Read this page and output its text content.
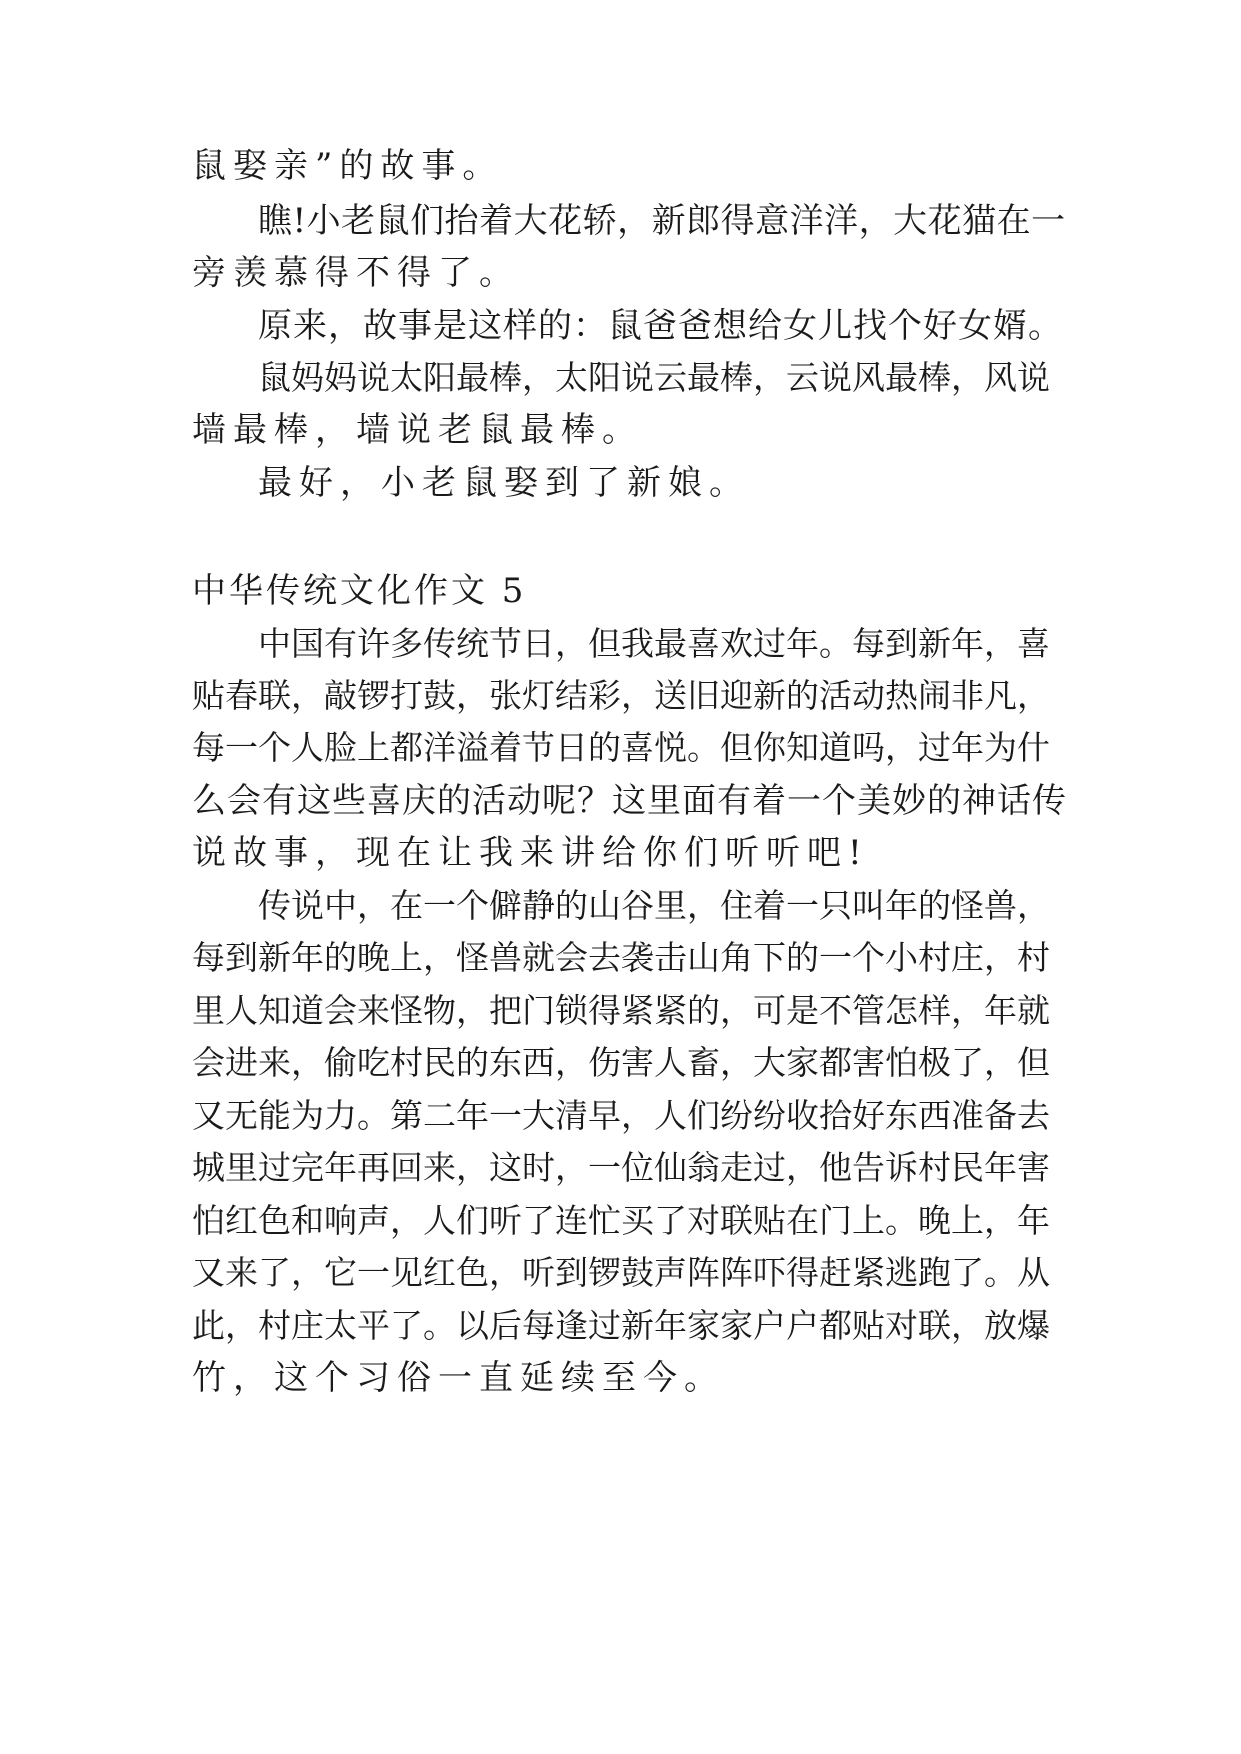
鼠娶亲”的故事。
瞧!小老鼠们抬着大花轿，新郎得意洋洋，大花猫在一
旁羡慕得不得了。
原来，故事是这样的：鼠爸爸想给女儿找个好女婿。
鼠妈妈说太阳最棒，太阳说云最棒，云说风最棒，风说
墙最棒，墙说老鼠最棒。
最好，小老鼠娶到了新娘。
中华传统文化作文 5
中国有许多传统节日，但我最喜欢过年。每到新年，喜
贴春联，敲锣打鼓，张灯结彩，送旧迎新的活动热闹非凡，
每一个人脸上都洋溢着节日的喜悦。但你知道吗，过年为什
么会有这些喜庆的活动呢？这里面有着一个美妙的神话传
说故事，现在让我来讲给你们听听吧!
传说中，在一个僻静的山谷里，住着一只叫年的怪兽，
每到新年的晚上，怪兽就会去袭击山角下的一个小村庄，村
里人知道会来怪物，把门锁得紧紧的，可是不管怎样，年就
会进来，偷吃村民的东西，伤害人畜，大家都害怕极了，但
又无能为力。第二年一大清早，人们纷纷收拾好东西准备去
城里过完年再回来，这时，一位仙翁走过，他告诉村民年害
怕红色和响声，人们听了连忙买了对联贴在门上。晚上，年
又来了，它一见红色，听到锣鼓声阵阵吓得赶紧逃跑了。从
此，村庄太平了。以后每逢过新年家家户户都贴对联，放爆
竹，这个习俗一直延续至今。
